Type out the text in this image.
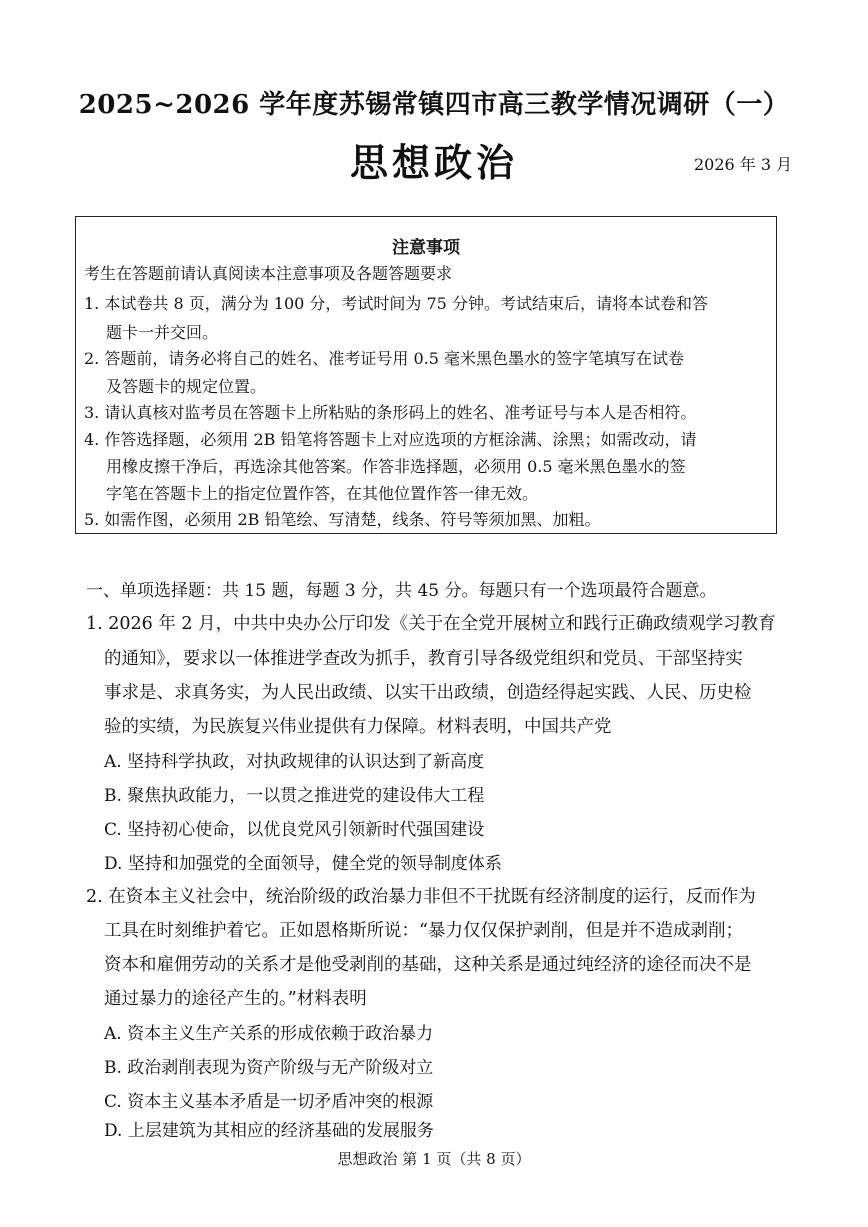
2025~2026 学年度苏锡常镇四市高三教学情况调研（一）
思想政治	2026 年 3 月
注意事项
考生在答题前请认真阅读本注意事项及各题答题要求
1. 本试卷共 8 页，满分为 100 分，考试时间为 75 分钟。考试结束后，请将本试卷和答
题卡一并交回。
2. 答题前，请务必将自己的姓名、准考证号用 0.5 毫米黑色墨水的签字笔填写在试卷
及答题卡的规定位置。
3. 请认真核对监考员在答题卡上所粘贴的条形码上的姓名、准考证号与本人是否相符。
4. 作答选择题，必须用 2B 铅笔将答题卡上对应选项的方框涂满、涂黑；如需改动，请
用橡皮擦干净后，再选涂其他答案。作答非选择题，必须用 0.5 毫米黑色墨水的签
字笔在答题卡上的指定位置作答，在其他位置作答一律无效。
5. 如需作图，必须用 2B 铅笔绘、写清楚，线条、符号等须加黑、加粗。
一、单项选择题：共 15 题，每题 3 分，共 45 分。每题只有一个选项最符合题意。
1. 2026 年 2 月，中共中央办公厅印发《关于在全党开展树立和践行正确政绩观学习教育
的通知》，要求以一体推进学查改为抓手，教育引导各级党组织和党员、干部坚持实
事求是、求真务实，为人民出政绩、以实干出政绩，创造经得起实践、人民、历史检
验的实绩，为民族复兴伟业提供有力保障。材料表明，中国共产党
A. 坚持科学执政，对执政规律的认识达到了新高度
B. 聚焦执政能力，一以贯之推进党的建设伟大工程
C. 坚持初心使命，以优良党风引领新时代强国建设
D. 坚持和加强党的全面领导，健全党的领导制度体系
2. 在资本主义社会中，统治阶级的政治暴力非但不干扰既有经济制度的运行，反而作为
工具在时刻维护着它。正如恩格斯所说：“暴力仅仅保护剥削，但是并不造成剥削；
资本和雇佣劳动的关系才是他受剥削的基础，这种关系是通过纯经济的途径而决不是
通过暴力的途径产生的。”材料表明
A. 资本主义生产关系的形成依赖于政治暴力
B. 政治剥削表现为资产阶级与无产阶级对立
C. 资本主义基本矛盾是一切矛盾冲突的根源
D. 上层建筑为其相应的经济基础的发展服务
思想政治 第 1 页（共 8 页）
